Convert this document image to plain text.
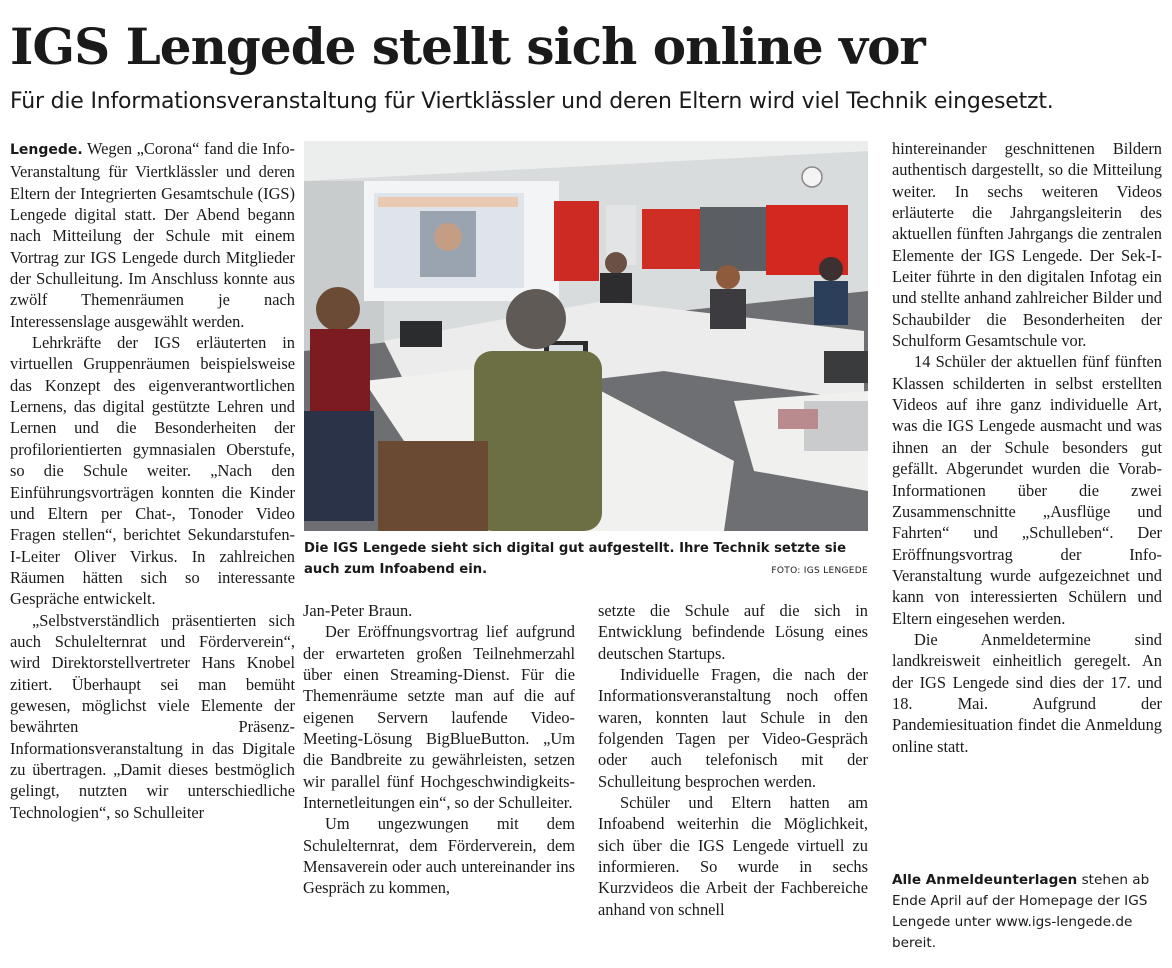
IGS Lengede stellt sich online vor
Für die Informationsveranstaltung für Viertklässler und deren Eltern wird viel Technik eingesetzt.

Lengede. Wegen „Corona“ fand die Info-Veranstaltung für Viertklässler und deren Eltern der Integrierten Gesamtschule (IGS) Lengede digital statt. Der Abend begann nach Mitteilung der Schule mit einem Vortrag zur IGS Lengede durch Mitglieder der Schulleitung. Im Anschluss konnte aus zwölf Themenräumen je nach Interessenslage ausgewählt werden.

Lehrkräfte der IGS erläuterten in virtuellen Gruppenräumen beispielsweise das Konzept des eigenverantwortlichen Lernens, das digital gestützte Lehren und Lernen und die Besonderheiten der profilorientierten gymnasialen Oberstufe, so die Schule weiter. „Nach den Einführungsvorträgen konnten die Kinder und Eltern per Chat-, Tonoder Video Fragen stellen“, berichtet Sekundarstufen-I-Leiter Oliver Virkus. In zahlreichen Räumen hätten sich so interessante Gespräche entwickelt.

„Selbstverständlich präsentierten sich auch Schulelternrat und Förderverein“, wird Direktorstellvertreter Hans Knobel zitiert. Überhaupt sei man bemüht gewesen, möglichst viele Elemente der bewährten Präsenz-Informationsveranstaltung in das Digitale zu übertragen. „Damit dieses bestmöglich gelingt, nutzten wir unterschiedliche Technologien“, so Schulleiter

Die IGS Lengede sieht sich digital gut aufgestellt. Ihre Technik setzte sie auch zum Infoabend ein.	FOTO: IGS LENGEDE

Jan-Peter Braun.

Der Eröffnungsvortrag lief aufgrund der erwarteten großen Teilnehmerzahl über einen Streaming-Dienst. Für die Themenräume setzte man auf die auf eigenen Servern laufende Video-Meeting-Lösung BigBlueButton. „Um die Bandbreite zu gewährleisten, setzen wir parallel fünf Hochgeschwindigkeits-Internetleitungen ein“, so der Schulleiter.

Um ungezwungen mit dem Schulelternrat, dem Förderverein, dem Mensaverein oder auch untereinander ins Gespräch zu kommen,

setzte die Schule auf die sich in Entwicklung befindende Lösung eines deutschen Startups.

Individuelle Fragen, die nach der Informationsveranstaltung noch offen waren, konnten laut Schule in den folgenden Tagen per Video-Gespräch oder auch telefonisch mit der Schulleitung besprochen werden.

Schüler und Eltern hatten am Infoabend weiterhin die Möglichkeit, sich über die IGS Lengede virtuell zu informieren. So wurde in sechs Kurzvideos die Arbeit der Fachbereiche anhand von schnell

hintereinander geschnittenen Bildern authentisch dargestellt, so die Mitteilung weiter. In sechs weiteren Videos erläuterte die Jahrgangsleiterin des aktuellen fünften Jahrgangs die zentralen Elemente der IGS Lengede. Der Sek-I-Leiter führte in den digitalen Infotag ein und stellte anhand zahlreicher Bilder und Schaubilder die Besonderheiten der Schulform Gesamtschule vor.

14 Schüler der aktuellen fünf fünften Klassen schilderten in selbst erstellten Videos auf ihre ganz individuelle Art, was die IGS Lengede ausmacht und was ihnen an der Schule besonders gut gefällt. Abgerundet wurden die Vorab-Informationen über die zwei Zusammenschnitte „Ausflüge und Fahrten“ und „Schulleben“. Der Eröffnungsvortrag der Info-Veranstaltung wurde aufgezeichnet und kann von interessierten Schülern und Eltern eingesehen werden.

Die Anmeldetermine sind landkreisweit einheitlich geregelt. An der IGS Lengede sind dies der 17. und 18. Mai. Aufgrund der Pandemiesituation findet die Anmeldung online statt.

Alle Anmeldeunterlagen stehen ab Ende April auf der Homepage der IGS Lengede unter www.igs-lengede.de bereit.
